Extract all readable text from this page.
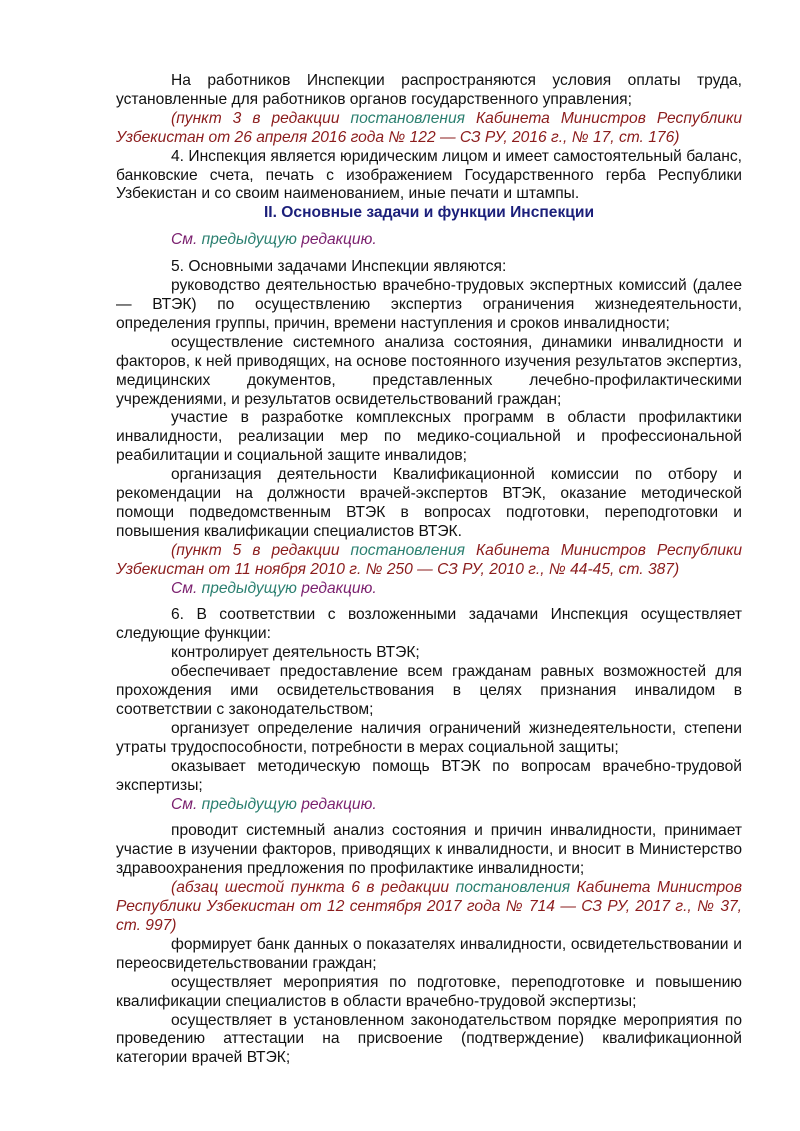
На работников Инспекции распространяются условия оплаты труда, установленные для работников органов государственного управления;

(пункт 3 в редакции постановления Кабинета Министров Республики Узбекистан от 26 апреля 2016 года № 122 — СЗ РУ, 2016 г., № 17, ст. 176)

4. Инспекция является юридическим лицом и имеет самостоятельный баланс, банковские счета, печать с изображением Государственного герба Республики Узбекистан и со своим наименованием, иные печати и штампы.

II. Основные задачи и функции Инспекции

См. предыдущую редакцию.

5. Основными задачами Инспекции являются:

руководство деятельностью врачебно-трудовых экспертных комиссий (далее — ВТЭК) по осуществлению экспертиз ограничения жизнедеятельности, определения группы, причин, времени наступления и сроков инвалидности;

осуществление системного анализа состояния, динамики инвалидности и факторов, к ней приводящих, на основе постоянного изучения результатов экспертиз, медицинских документов, представленных лечебно-профилактическими учреждениями, и результатов освидетельствований граждан;

участие в разработке комплексных программ в области профилактики инвалидности, реализации мер по медико-социальной и профессиональной реабилитации и социальной защите инвалидов;

организация деятельности Квалификационной комиссии по отбору и рекомендации на должности врачей-экспертов ВТЭК, оказание методической помощи подведомственным ВТЭК в вопросах подготовки, переподготовки и повышения квалификации специалистов ВТЭК.

(пункт 5 в редакции постановления Кабинета Министров Республики Узбекистан от 11 ноября 2010 г. № 250 — СЗ РУ, 2010 г., № 44-45, ст. 387)

См. предыдущую редакцию.

6. В соответствии с возложенными задачами Инспекция осуществляет следующие функции:

контролирует деятельность ВТЭК;

обеспечивает предоставление всем гражданам равных возможностей для прохождения ими освидетельствования в целях признания инвалидом в соответствии с законодательством;

организует определение наличия ограничений жизнедеятельности, степени утраты трудоспособности, потребности в мерах социальной защиты;

оказывает методическую помощь ВТЭК по вопросам врачебно-трудовой экспертизы;

См. предыдущую редакцию.

проводит системный анализ состояния и причин инвалидности, принимает участие в изучении факторов, приводящих к инвалидности, и вносит в Министерство здравоохранения предложения по профилактике инвалидности;

(абзац шестой пункта 6 в редакции постановления Кабинета Министров Республики Узбекистан от 12 сентября 2017 года № 714 — СЗ РУ, 2017 г., № 37, ст. 997)

формирует банк данных о показателях инвалидности, освидетельствовании и переосвидетельствовании граждан;

осуществляет мероприятия по подготовке, переподготовке и повышению квалификации специалистов в области врачебно-трудовой экспертизы;

осуществляет в установленном законодательством порядке мероприятия по проведению аттестации на присвоение (подтверждение) квалификационной категории врачей ВТЭК;
